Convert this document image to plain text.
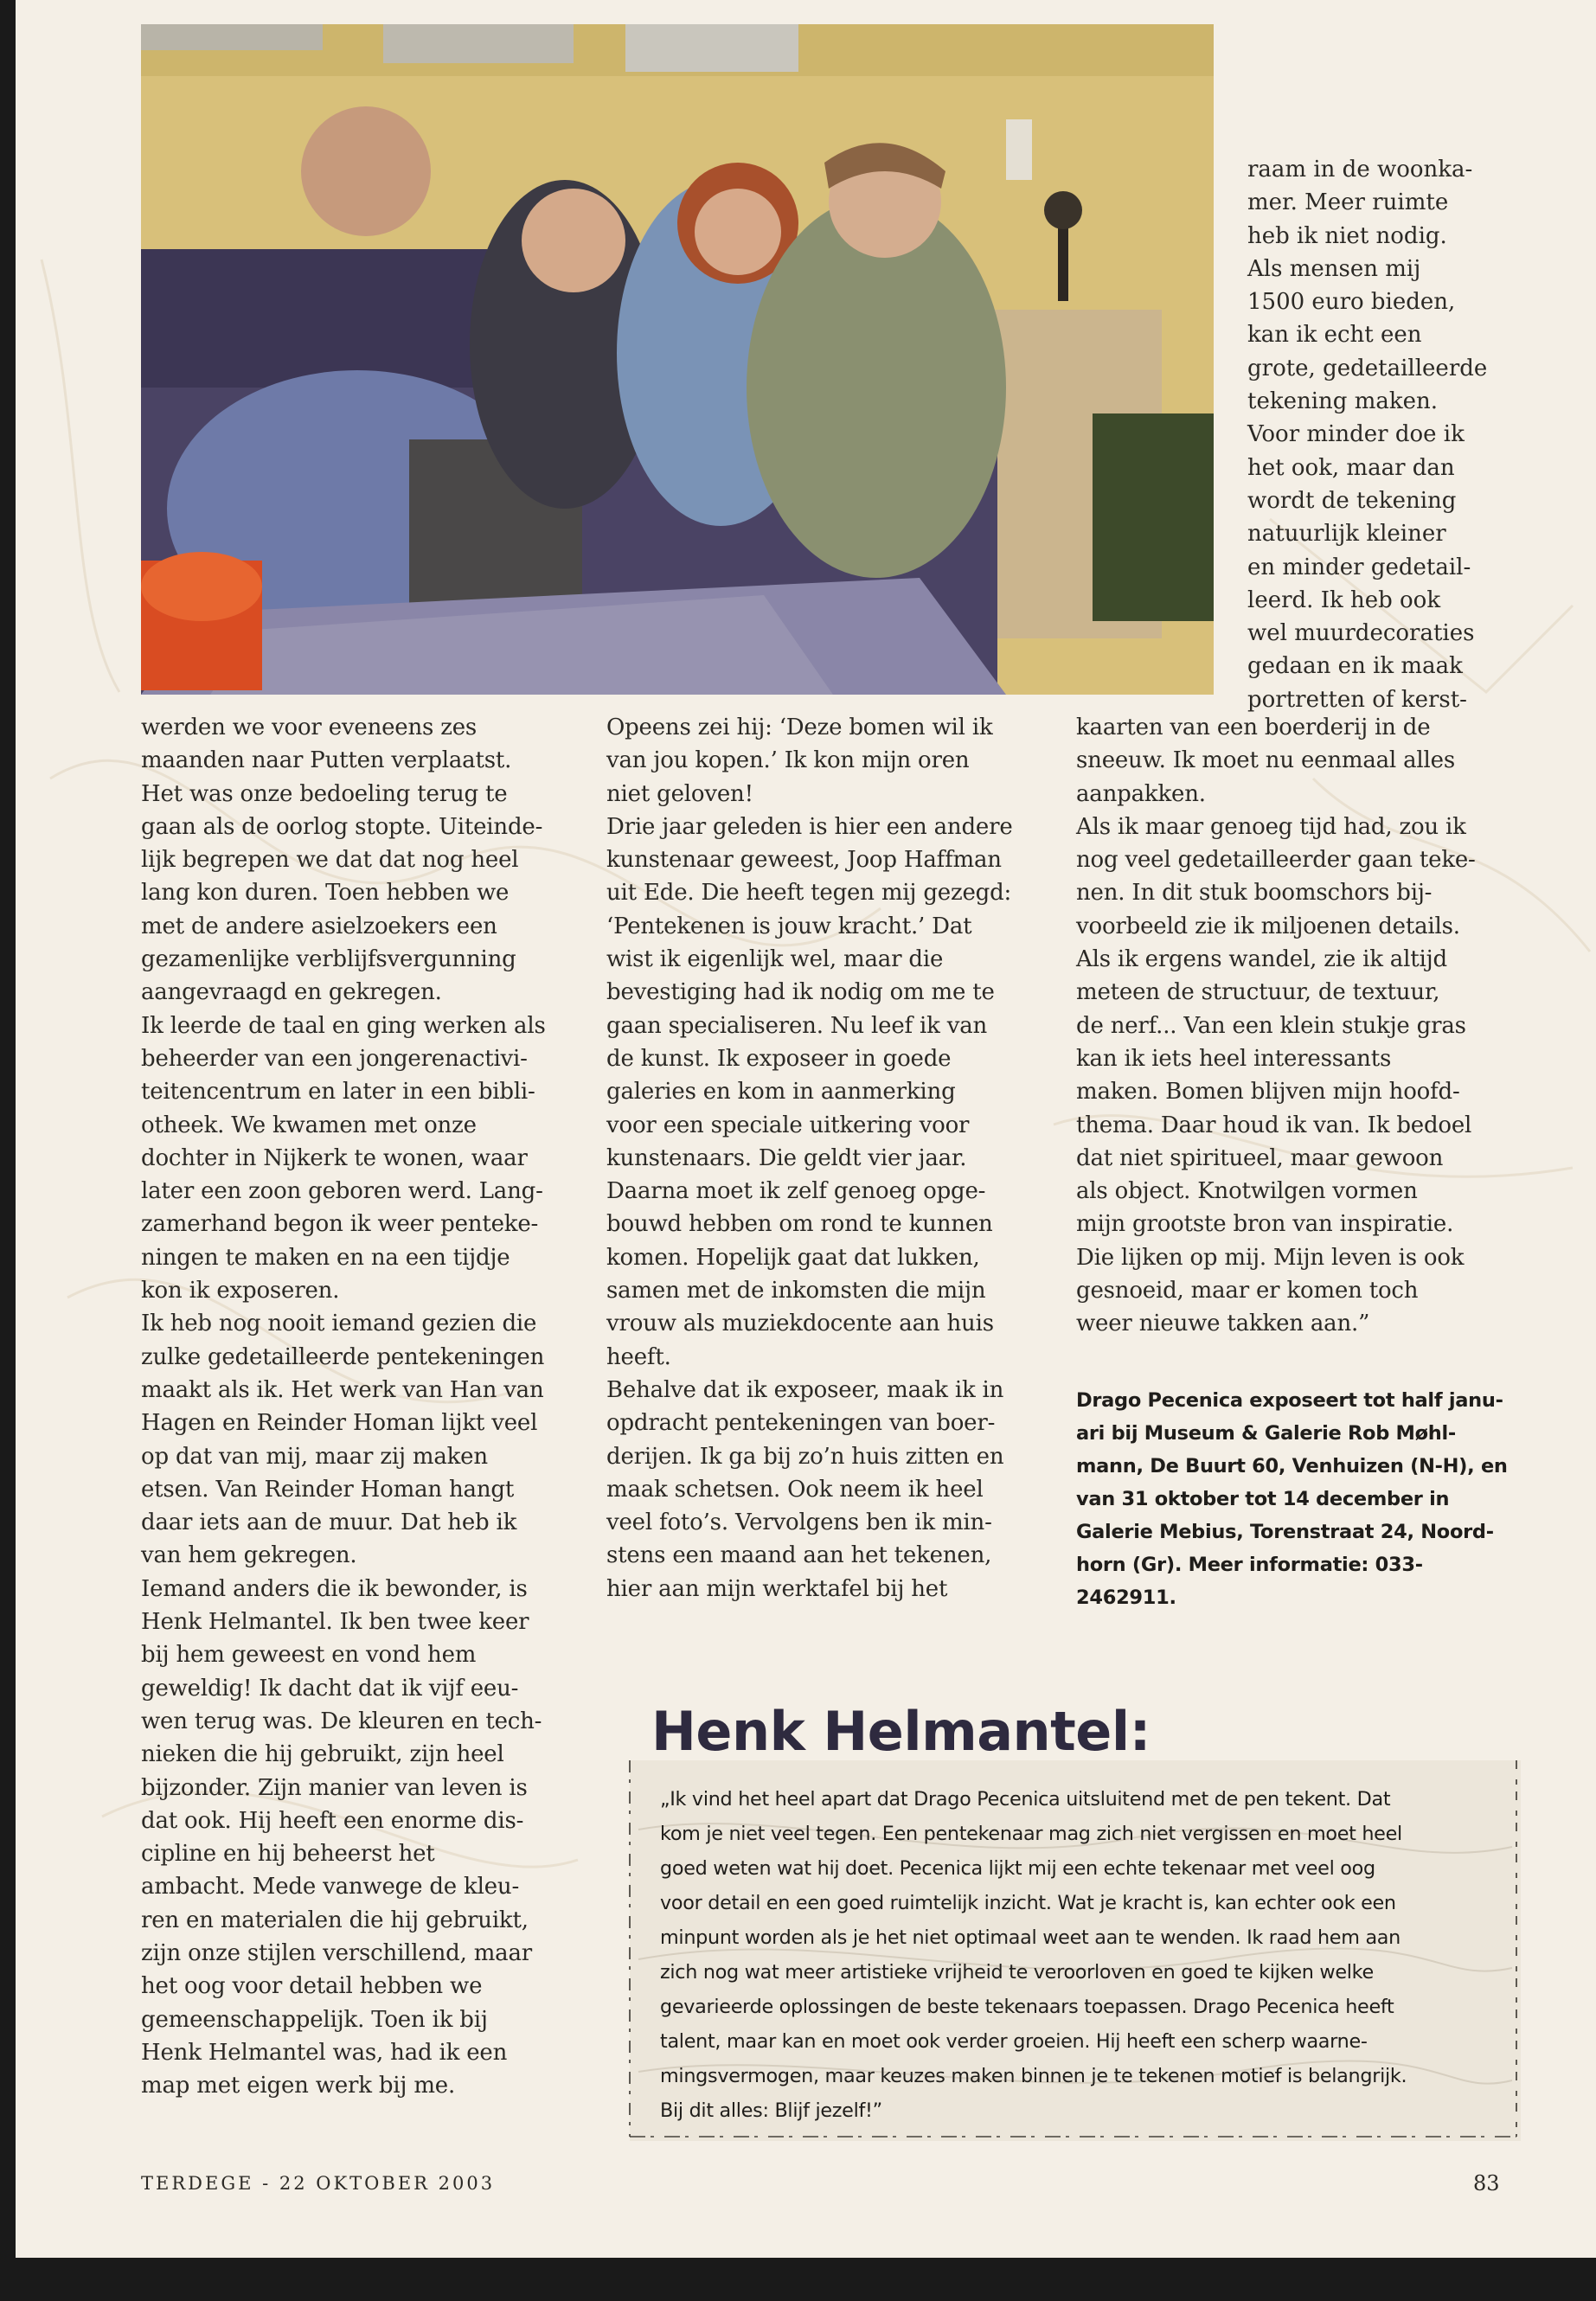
werden we voor eveneens zes
maanden naar Putten verplaatst.
Het was onze bedoeling terug te
gaan als de oorlog stopte. Uiteinde-
lijk begrepen we dat dat nog heel
lang kon duren. Toen hebben we
met de andere asielzoekers een
gezamenlijke verblijfsvergunning
aangevraagd en gekregen.

Ik leerde de taal en ging werken als
beheerder van een jongerenactivi-
teitencentrum en later in een bibli-
otheek. We kwamen met onze
dochter in Nijkerk te wonen, waar
later een zoon geboren werd. Lang-
zamerhand begon ik weer penteke-
ningen te maken en na een tijdje
kon ik exposeren.

Ik heb nog nooit iemand gezien die
zulke gedetailleerde pentekeningen
maakt als ik. Het werk van Han van
Hagen en Reinder Homan lijkt veel
op dat van mij, maar zij maken
etsen. Van Reinder Homan hangt
daar iets aan de muur. Dat heb ik
van hem gekregen.

Iemand anders die ik bewonder, is
Henk Helmantel. Ik ben twee keer
bij hem geweest en vond hem
geweldig! Ik dacht dat ik vijf eeu-
wen terug was. De kleuren en tech-
nieken die hij gebruikt, zijn heel
bijzonder. Zijn manier van leven is
dat ook. Hij heeft een enorme dis-
cipline en hij beheerst het
ambacht. Mede vanwege de kleu-
ren en materialen die hij gebruikt,
zijn onze stijlen verschillend, maar
het oog voor detail hebben we
gemeenschappelijk. Toen ik bij
Henk Helmantel was, had ik een
map met eigen werk bij me.

Opeens zei hij: ‘Deze bomen wil ik
van jou kopen.’ Ik kon mijn oren
niet geloven!

Drie jaar geleden is hier een andere
kunstenaar geweest, Joop Haffman
uit Ede. Die heeft tegen mij gezegd:
‘Pentekenen is jouw kracht.’ Dat
wist ik eigenlijk wel, maar die
bevestiging had ik nodig om me te
gaan specialiseren. Nu leef ik van
de kunst. Ik exposeer in goede
galeries en kom in aanmerking
voor een speciale uitkering voor
kunstenaars. Die geldt vier jaar.
Daarna moet ik zelf genoeg opge-
bouwd hebben om rond te kunnen
komen. Hopelijk gaat dat lukken,
samen met de inkomsten die mijn
vrouw als muziekdocente aan huis
heeft.

Behalve dat ik exposeer, maak ik in
opdracht pentekeningen van boer-
derijen. Ik ga bij zo’n huis zitten en
maak schetsen. Ook neem ik heel
veel foto’s. Vervolgens ben ik min-
stens een maand aan het tekenen,
hier aan mijn werktafel bij het

raam in de woonka-
mer. Meer ruimte
heb ik niet nodig.
Als mensen mij
1500 euro bieden,
kan ik echt een
grote, gedetailleerde
tekening maken.
Voor minder doe ik
het ook, maar dan
wordt de tekening
natuurlijk kleiner
en minder gedetail-
leerd. Ik heb ook
wel muurdecoraties
gedaan en ik maak
portretten of kerst-

kaarten van een boerderij in de
sneeuw. Ik moet nu eenmaal alles
aanpakken.

Als ik maar genoeg tijd had, zou ik
nog veel gedetailleerder gaan teke-
nen. In dit stuk boomschors bij-
voorbeeld zie ik miljoenen details.
Als ik ergens wandel, zie ik altijd
meteen de structuur, de textuur,
de nerf... Van een klein stukje gras
kan ik iets heel interessants
maken. Bomen blijven mijn hoofd-
thema. Daar houd ik van. Ik bedoel
dat niet spiritueel, maar gewoon
als object. Knotwilgen vormen
mijn grootste bron van inspiratie.
Die lijken op mij. Mijn leven is ook
gesnoeid, maar er komen toch
weer nieuwe takken aan.”

Drago Pecenica exposeert tot half janu-
ari bij Museum & Galerie Rob Møhl-
mann, De Buurt 60, Venhuizen (N-H), en
van 31 oktober tot 14 december in
Galerie Mebius, Torenstraat 24, Noord-
horn (Gr). Meer informatie: 033-
2462911.
Henk Helmantel:
„Ik vind het heel apart dat Drago Pecenica uitsluitend met de pen tekent. Dat
kom je niet veel tegen. Een pentekenaar mag zich niet vergissen en moet heel
goed weten wat hij doet. Pecenica lijkt mij een echte tekenaar met veel oog
voor detail en een goed ruimtelijk inzicht. Wat je kracht is, kan echter ook een
minpunt worden als je het niet optimaal weet aan te wenden. Ik raad hem aan
zich nog wat meer artistieke vrijheid te veroorloven en goed te kijken welke
gevarieerde oplossingen de beste tekenaars toepassen. Drago Pecenica heeft
talent, maar kan en moet ook verder groeien. Hij heeft een scherp waarne-
mingsvermogen, maar keuzes maken binnen je te tekenen motief is belangrijk.
Bij dit alles: Blijf jezelf!”
TERDEGE - 22 OKTOBER 2003	83
